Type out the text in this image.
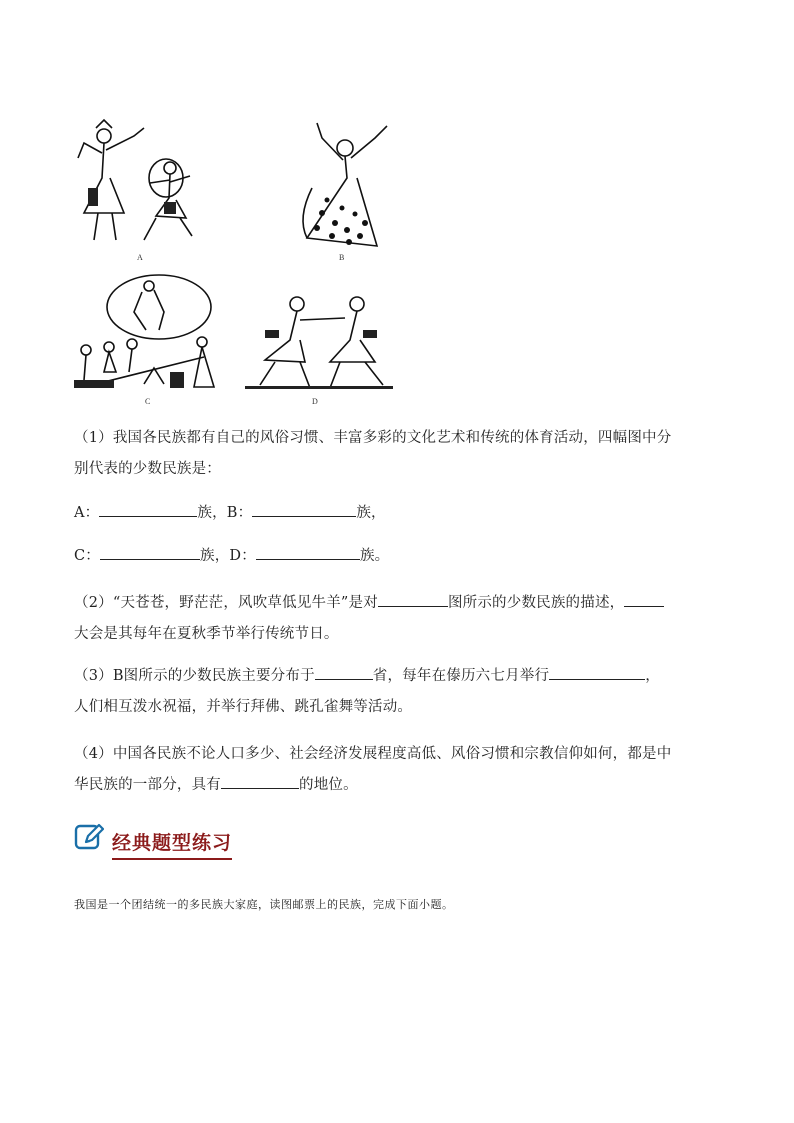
A	B
C	D
（1）我国各民族都有自己的风俗习惯、丰富多彩的文化艺术和传统的体育活动，四幅图中分
别代表的少数民族是：
A：	族，B：	族，
C：	族，D：	族。
（2）“天苍苍，野茫茫，风吹草低见牛羊”是对	图所示的少数民族的描述，
大会是其每年在夏秋季节举行传统节日。
（3）B图所示的少数民族主要分布于	省，每年在傣历六七月举行	，
人们相互泼水祝福，并举行拜佛、跳孔雀舞等活动。
（4）中国各民族不论人口多少、社会经济发展程度高低、风俗习惯和宗教信仰如何，都是中
华民族的一部分，具有	的地位。
经典题型练习
我国是一个团结统一的多民族大家庭，读图邮票上的民族，完成下面小题。
